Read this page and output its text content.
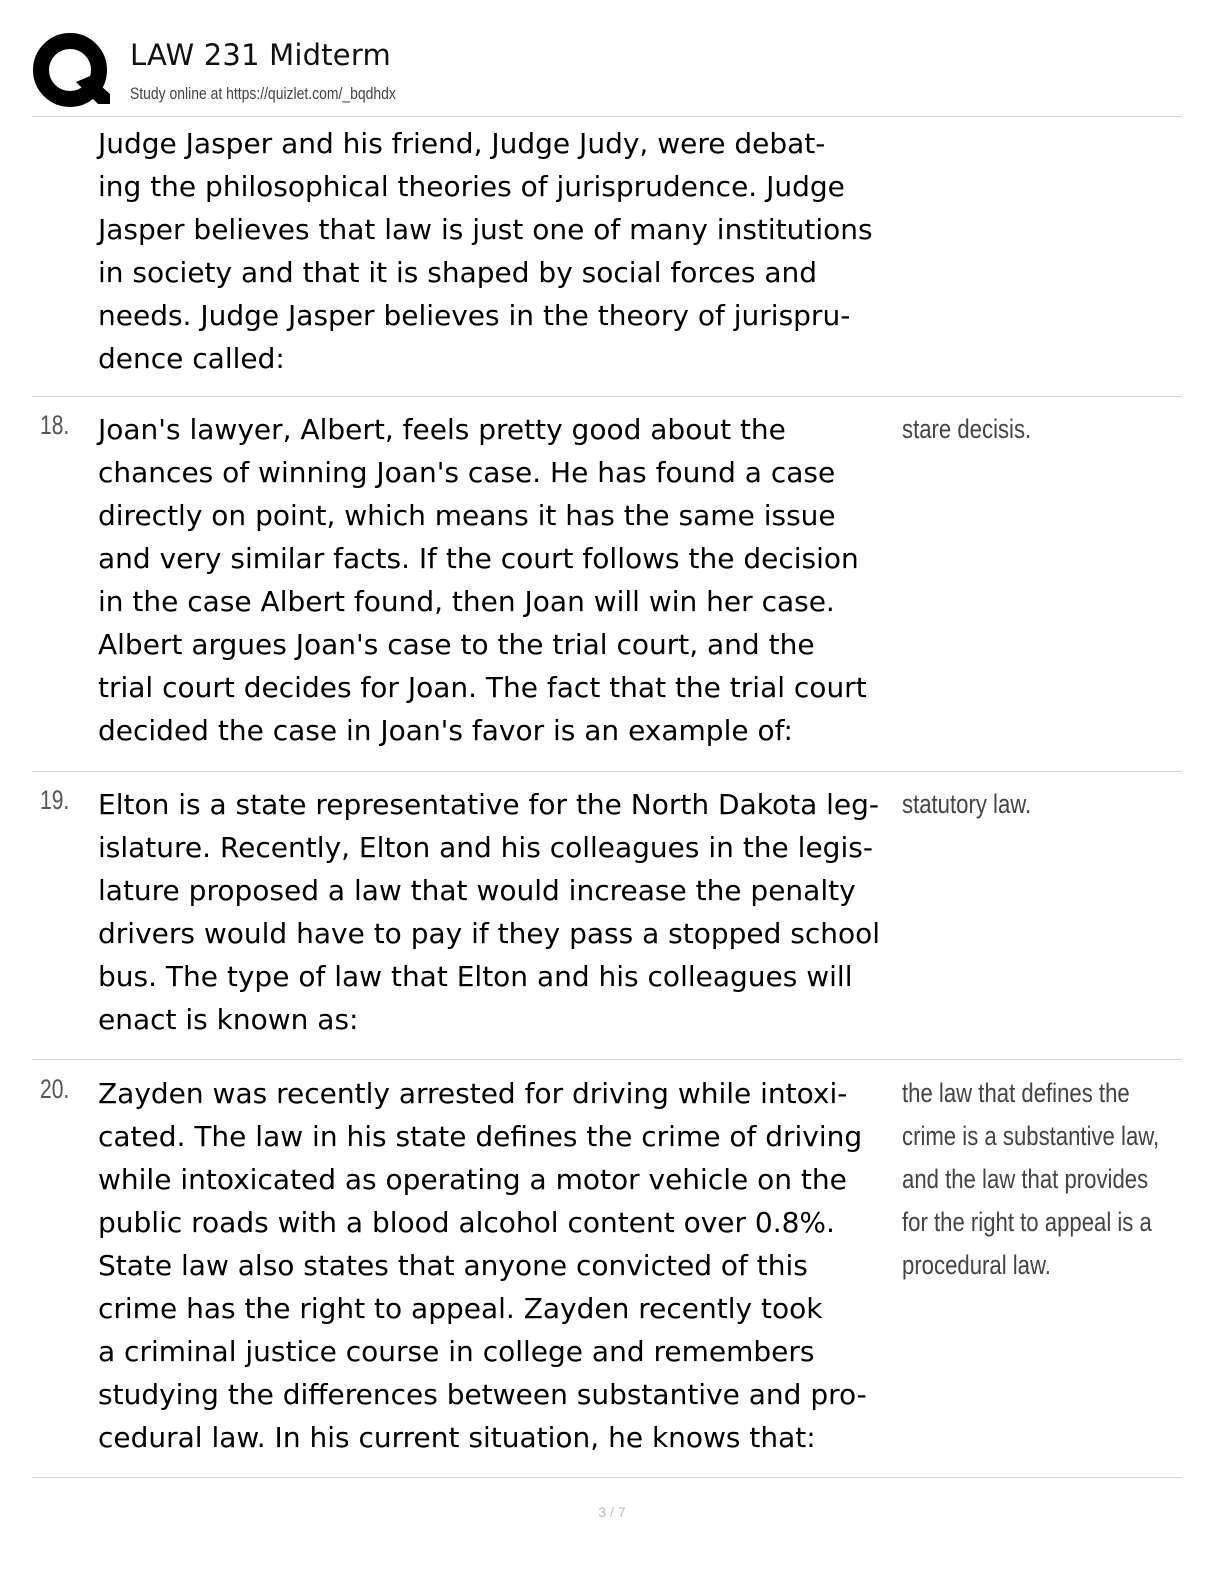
LAW 231 Midterm
Study online at https://quizlet.com/_bqdhdx
Judge Jasper and his friend, Judge Judy, were debat-
ing the philosophical theories of jurisprudence. Judge
Jasper believes that law is just one of many institutions
in society and that it is shaped by social forces and
needs. Judge Jasper believes in the theory of jurispru-
dence called:
18. Joan's lawyer, Albert, feels pretty good about the
chances of winning Joan's case. He has found a case
directly on point, which means it has the same issue
and very similar facts. If the court follows the decision
in the case Albert found, then Joan will win her case.
Albert argues Joan's case to the trial court, and the
trial court decides for Joan. The fact that the trial court
decided the case in Joan's favor is an example of:
stare decisis.
19. Elton is a state representative for the North Dakota leg-
islature. Recently, Elton and his colleagues in the legis-
lature proposed a law that would increase the penalty
drivers would have to pay if they pass a stopped school
bus. The type of law that Elton and his colleagues will
enact is known as:
statutory law.
20. Zayden was recently arrested for driving while intoxi-
cated. The law in his state defines the crime of driving
while intoxicated as operating a motor vehicle on the
public roads with a blood alcohol content over 0.8%.
State law also states that anyone convicted of this
crime has the right to appeal. Zayden recently took
a criminal justice course in college and remembers
studying the differences between substantive and pro-
cedural law. In his current situation, he knows that:
the law that defines the
crime is a substantive law,
and the law that provides
for the right to appeal is a
procedural law.
3 / 7
